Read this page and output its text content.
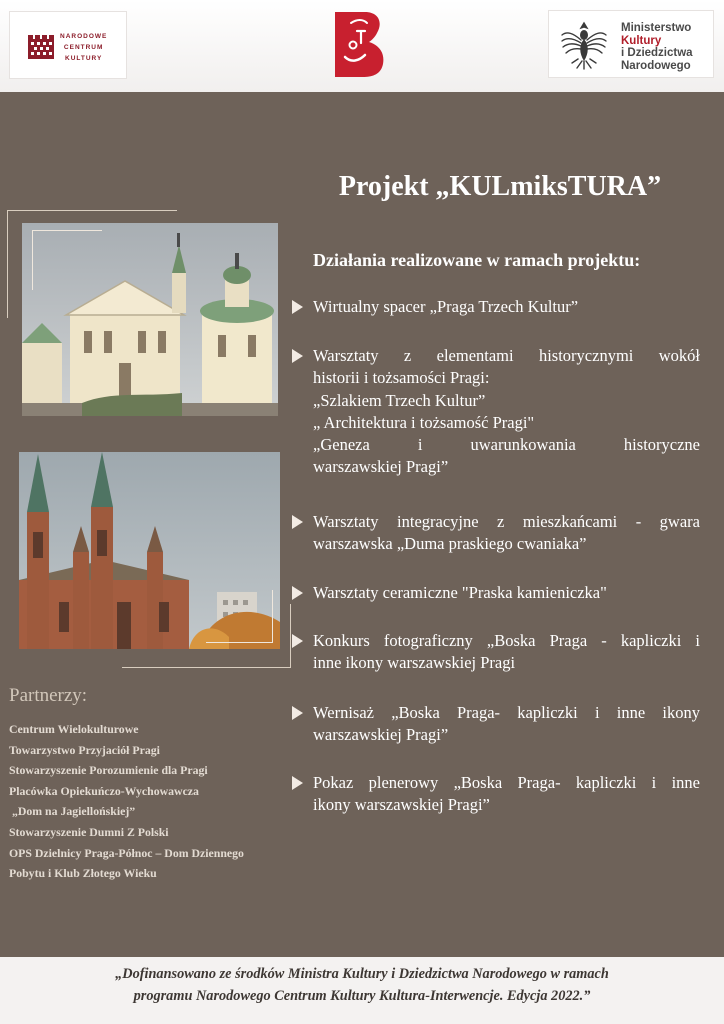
NARODOWE
CENTRUM
KULTURY
Ministerstwo
Kultury
i Dziedzictwa
Narodowego
Projekt „KULmiksTURA”
Działania realizowane w ramach projektu:
Wirtualny spacer „Praga Trzech Kultur”
Warsztaty z elementami historycznymi wokół
historii i tożsamości Pragi:
„Szlakiem Trzech Kultur”
„ Architektura i tożsamość Pragi"
„Geneza i uwarunkowania historyczne
warszawskiej Pragi”
Warsztaty integracyjne z mieszkańcami - gwara
warszawska „Duma praskiego cwaniaka”
Warsztaty ceramiczne "Praska kamieniczka"
Konkurs fotograficzny „Boska Praga - kapliczki i
inne ikony warszawskiej Pragi
Wernisaż „Boska Praga- kapliczki i inne ikony
warszawskiej Pragi”
Pokaz plenerowy „Boska Praga- kapliczki i inne
ikony warszawskiej Pragi”
Partnerzy:
Centrum Wielokulturowe
Towarzystwo Przyjaciół Pragi
Stowarzyszenie Porozumienie dla Pragi
Placówka Opiekuńczo-Wychowawcza
„Dom na Jagiellońskiej”
Stowarzyszenie Dumni Z Polski
OPS Dzielnicy Praga-Północ – Dom Dziennego
Pobytu i Klub Złotego Wieku

„Dofinansowano ze środków Ministra Kultury i Dziedzictwa Narodowego w ramach
programu Narodowego Centrum Kultury Kultura-Interwencje. Edycja 2022.”
